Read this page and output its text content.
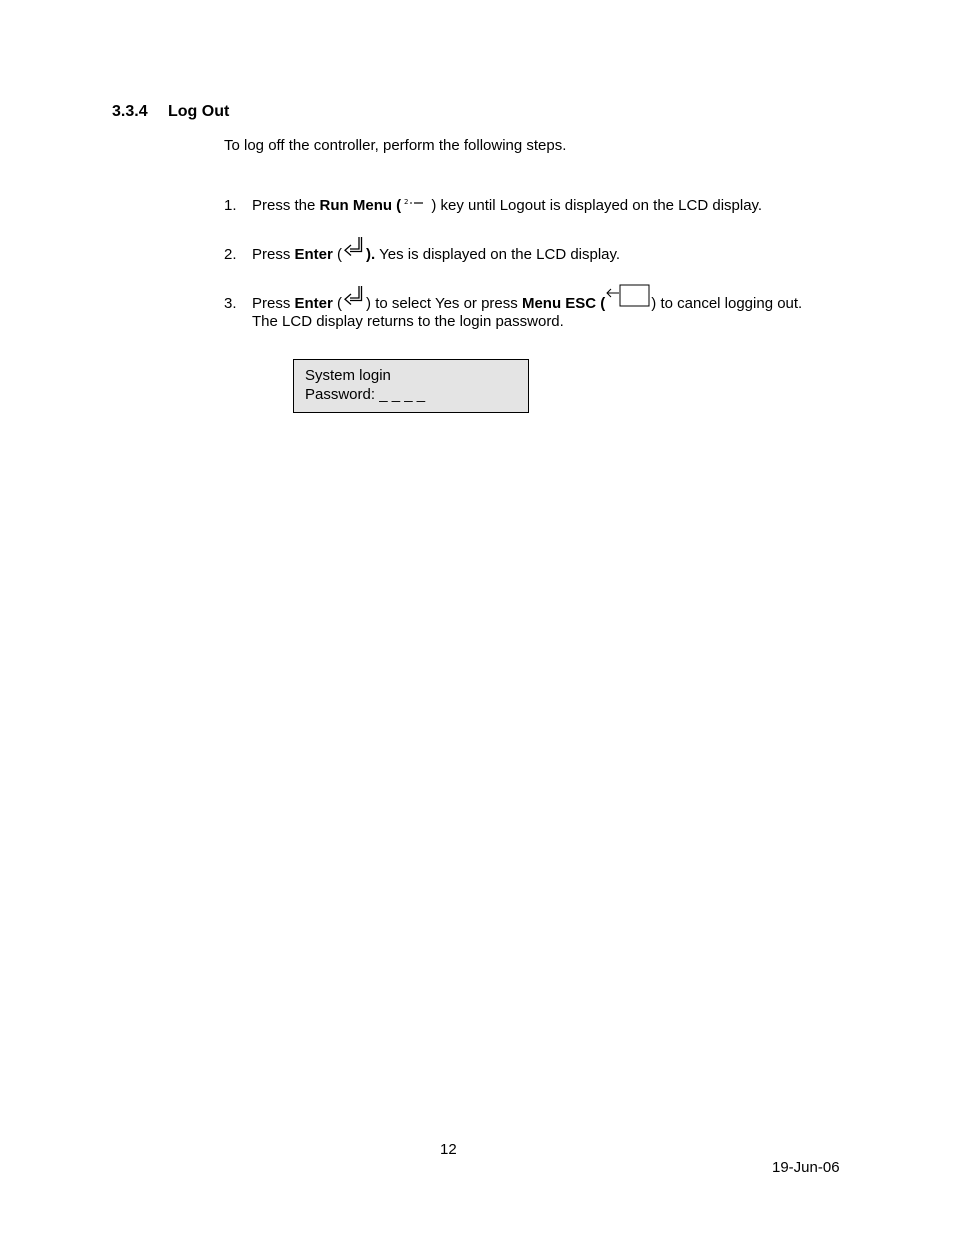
3.3.4 Log Out
To log off the controller, perform the following steps.
1. Press the Run Menu ( 2 ) key until Logout is displayed on the LCD display.
2. Press Enter ( ). Yes is displayed on the LCD display.
3. Press Enter ( ) to select Yes or press Menu ESC (	) to cancel logging out.
The LCD display returns to the login password.
System login
Password: _ _ _ _
12
19-Jun-06
